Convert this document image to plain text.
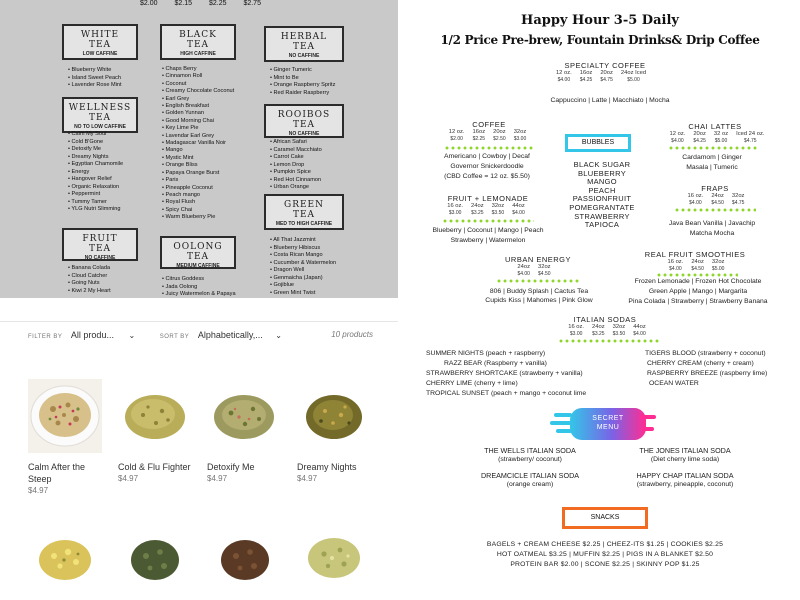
$2.00 $2.15 $2.25 $2.75
WHITE
TEA
LOW CAFFINE
• Blueberry White
• Island Sweet Peach
• Lavender Rose Mint
BLACK
TEA
HIGH CAFFINE
• Chaps Berry
• Cinnamon Roll
• Coconut
• Creamy Chocolate Coconut
• Earl Grey
• English Breakfast
• Golden Yunnan
• Good Morning Chai
• Key Lime Pie
• Lavendar Earl Grey
• Madagascar Vanilla Noir
• Mango
• Mystic Mint
• Orange Bliss
• Papaya Orange Burst
• Paris
• Pineapple Coconut
• Peach mango
• Royal Flush
• Spicy Chai
• Warm Blueberry Pie
HERBAL
TEA
NO CAFFINE
• Ginger Tumeric
• Mint to Be
• Orange Raspberry Spritz
• Red Raider Raspberry
WELLNESS
TEA
NO TO LOW CAFFINE
• Calm My Soul
• Cold B'Gone
• Detoxify Me
• Dreamy Nights
• Egyptian Chamomile
• Energy
• Hangover Relief
• Organic Relaxation
• Peppermint
• Tummy Tamer
• YLG Nutri Slimming
ROOIBOS
TEA
NO CAFFINE
• African Safari
• Caramel Macchiato
• Carrot Cake
• Lemon Drop
• Pumpkin Spice
• Red Hot Cinnamon
• Urban Orange
GREEN
TEA
MED TO HIGH CAFFINE
• All That Jazzmint
• Blueberry Hibiscus
• Costa Rican Mango
• Cucumber & Watermelon
• Dragon Well
• Genmaicha (Japan)
• Gojiblue
• Green Mint Twist
FRUIT
TEA
NO CAFFINE
• Banana Colada
• Cloud Catcher
• Going Nuts
• Kiwi 2 My Heart
OOLONG
TEA
MEDIUM CAFFINE
• Citrus Goddess
• Jada Oolong
• Juicy Watermelon & Papaya
FILTER BY All produ... ⌄	SORT BY Alphabetically,... ⌄	10 products
Calm After the Steep
$4.97
Cold & Flu Fighter
$4.97
Detoxify Me
$4.97
Dreamy Nights
$4.97
Happy Hour 3-5 Daily
1/2 Price Pre-brew, Fountain Drinks& Drip Coffee
SPECIALTY COFFEE
12 oz.	16oz	20oz	24oz Iced
$4.00	$4.25	$4.75	$5.00
Cappuccino | Latte | Macchiato | Mocha
COFFEE
12 oz.	16oz	20oz	32oz
$2.00	$2.25	$2.50	$3.00
Americano | Cowboy | Decaf
Governor Snickerdoodle
(CBD Coffee = 12 oz. $5.50)
BUBBLES
BLACK SUGAR
BLUEBERRY
MANGO
PEACH
PASSIONFRUIT
POMEGRANTATE
STRAWBERRY
TAPIOCA
CHAI LATTES
12 oz.	20oz	32 oz	Iced 24 oz.
$4.00	$4.25	$5.00	$4.75
Cardamom | Ginger
Masala | Tumeric
FRUIT + LEMONADE
16 oz.	24oz	32oz	44oz
$3.00	$3.25	$3.50	$4.00
Blueberry | Coconut | Mango | Peach
Strawberry | Watermelon
FRAPS
16 oz.	24oz	32oz
$4.00	$4.50	$4.75
Java Bean Vanilla | Javachip
Matcha Mocha
URBAN ENERGY
24oz	32oz
$4.00	$4.50
806 | Buddy Splash | Cactus Tea
Cupids Kiss | Mahomes | Pink Glow
REAL FRUIT SMOOTHIES
16 oz.	24oz	32oz
$4.00	$4.50	$5.00
Frozen Lemonade | Frozen Hot Chocolate
Green Apple | Mango | Margarita
Pina Colada | Strawberry | Strawberry Banana
ITALIAN SODAS
16 oz.	24oz	32oz	44oz
$3.00	$3.25	$3.50	$4.00
SUMMER NIGHTS (peach + raspberry)
RAZZ BEAR (Raspberry + vanilla)
STRAWBERRY SHORTCAKE (strawberry + vanilla)
CHERRY LIME (cherry + lime)
TROPICAL SUNSET (peach + mango + coconut lime
TIGERS BLOOD (strawberry + coconut)
CHERRY CREAM (cherry + cream)
RASPBERRY BREEZE (raspberry lime)
OCEAN WATER
SECRET
MENU
THE WELLS ITALIAN SODA
(strawberry/ coconut)
THE JONES ITALIAN SODA
(Diet cherry lime soda)
DREAMCICLE ITALIAN SODA
(orange cream)
HAPPY CHAP ITALIAN SODA
(strawberry, pineapple, coconut)
SNACKS
BAGELS + CREAM CHEESE $2.25 | CHEEZ-ITS $1.25 | COOKIES $2.25
HOT OATMEAL $3.25 | MUFFIN $2.25 | PIGS IN A BLANKET $2.50
PROTEIN BAR $2.00 | SCONE $2.25 | SKINNY POP $1.25
